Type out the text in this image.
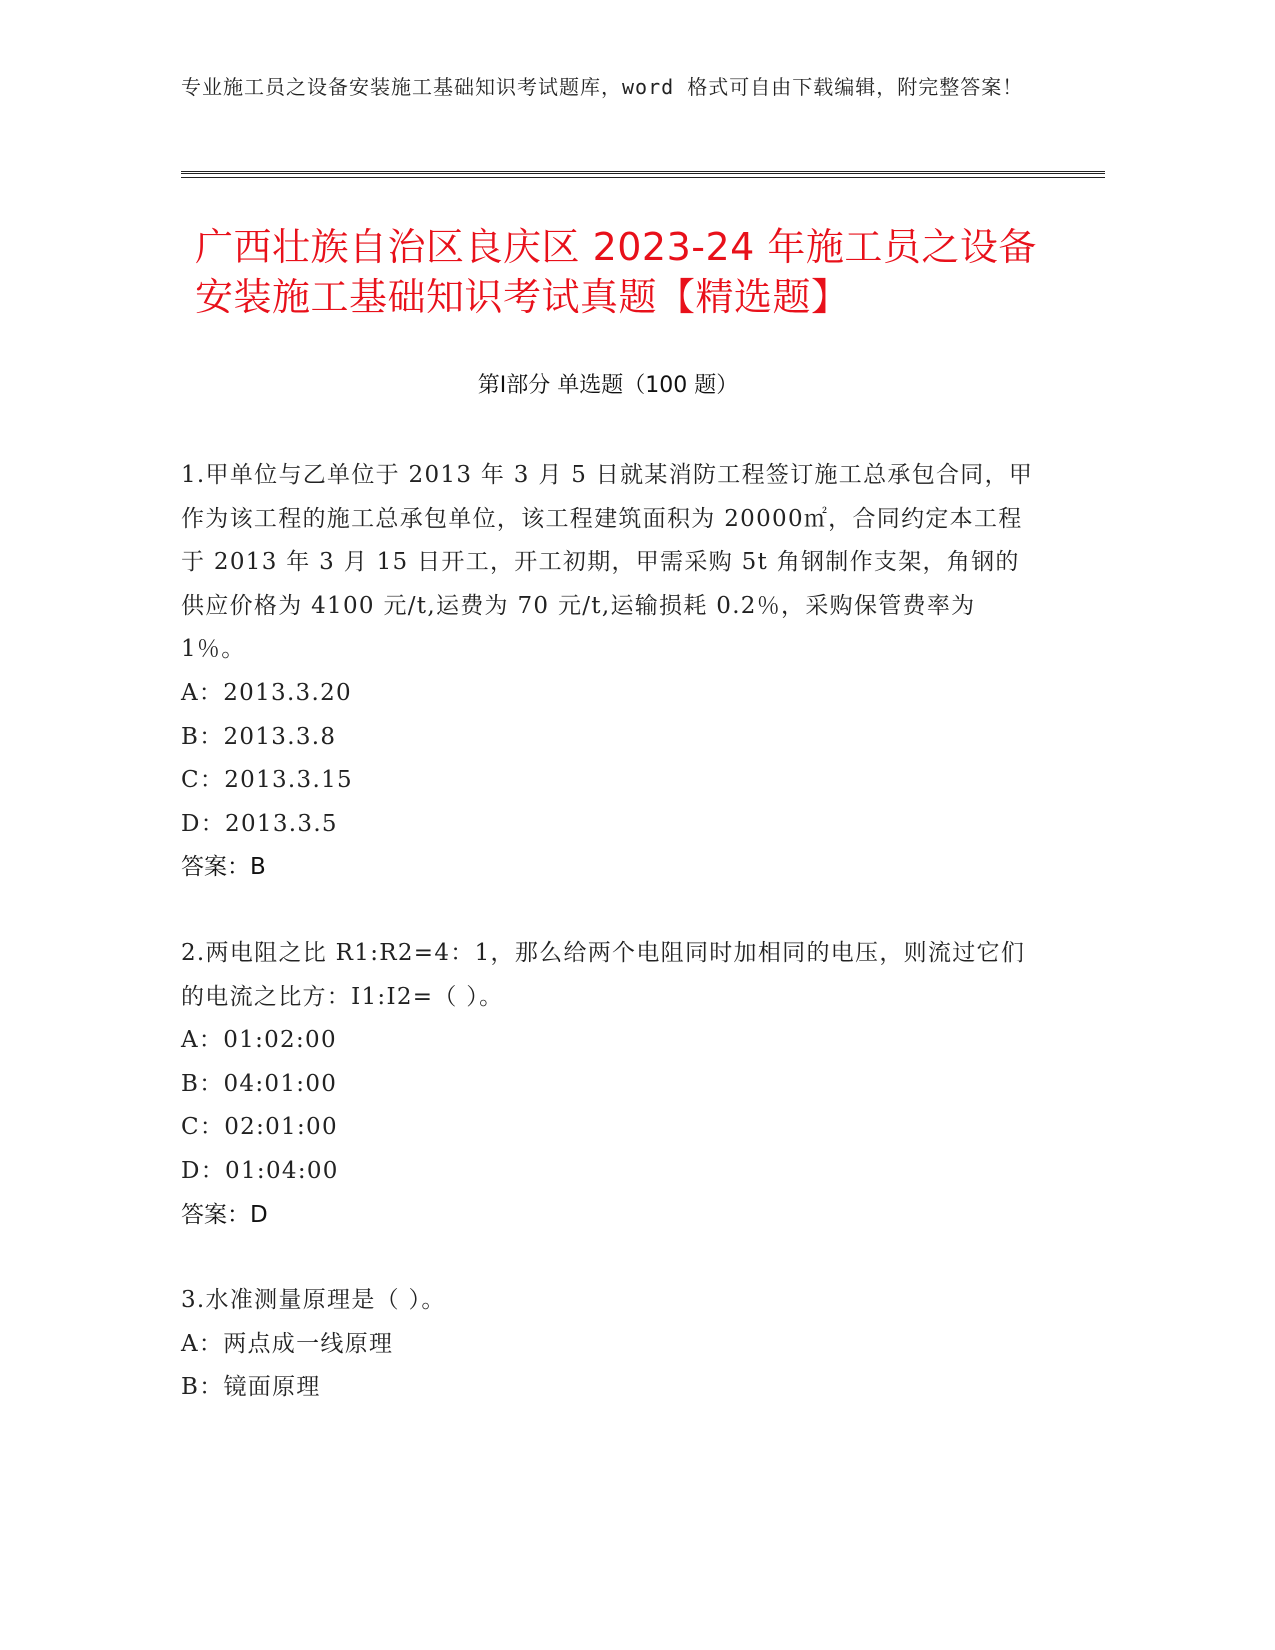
专业施工员之设备安装施工基础知识考试题库，word 格式可自由下载编辑，附完整答案！
广西壮族自治区良庆区 2023-24 年施工员之设备安装施工基础知识考试真题【精选题】
第Ⅰ部分 单选题（100 题）

1.甲单位与乙单位于 2013 年 3 月 5 日就某消防工程签订施工总承包合同，甲作为该工程的施工总承包单位，该工程建筑面积为 20000㎡，合同约定本工程于 2013 年 3 月 15 日开工，开工初期，甲需采购 5t 角钢制作支架，角钢的供应价格为 4100 元/t,运费为 70 元/t,运输损耗 0.2％，采购保管费率为 1％。

A：2013.3.20

B：2013.3.8

C：2013.3.15

D：2013.3.5

答案：B

2.两电阻之比 R1:R2=4：1，那么给两个电阻同时加相同的电压，则流过它们的电流之比方：I1:I2=（ ）。

A：01:02:00

B：04:01:00

C：02:01:00

D：01:04:00

答案：D

3.水准测量原理是（ ）。

A：两点成一线原理

B：镜面原理
